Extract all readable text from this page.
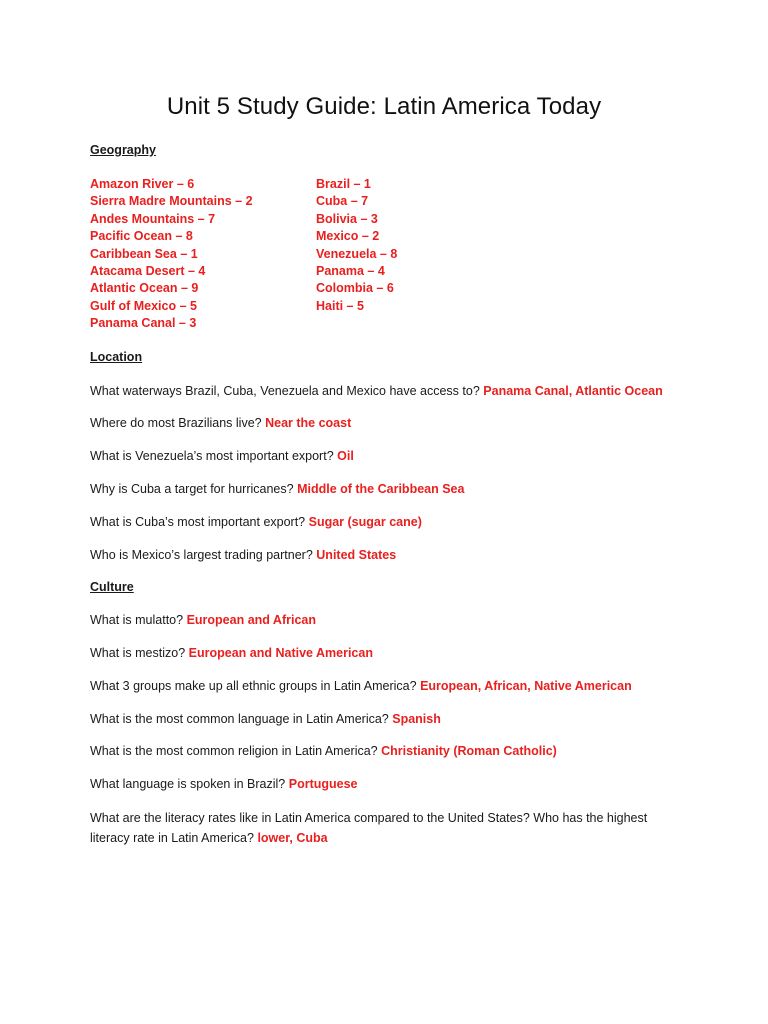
Unit 5 Study Guide: Latin America Today
Geography
Amazon River – 6
Sierra Madre Mountains – 2
Andes Mountains – 7
Pacific Ocean – 8
Caribbean Sea – 1
Atacama Desert – 4
Atlantic Ocean – 9
Gulf of Mexico – 5
Panama Canal – 3
Brazil – 1
Cuba – 7
Bolivia – 3
Mexico – 2
Venezuela – 8
Panama – 4
Colombia – 6
Haiti – 5
Location
What waterways Brazil, Cuba, Venezuela and Mexico have access to? Panama Canal, Atlantic Ocean
Where do most Brazilians live? Near the coast
What is Venezuela’s most important export? Oil
Why is Cuba a target for hurricanes? Middle of the Caribbean Sea
What is Cuba’s most important export? Sugar (sugar cane)
Who is Mexico’s largest trading partner? United States
Culture
What is mulatto? European and African
What is mestizo? European and Native American
What 3 groups make up all ethnic groups in Latin America? European, African, Native American
What is the most common language in Latin America? Spanish
What is the most common religion in Latin America? Christianity (Roman Catholic)
What language is spoken in Brazil? Portuguese
What are the literacy rates like in Latin America compared to the United States? Who has the highest literacy rate in Latin America? lower, Cuba
